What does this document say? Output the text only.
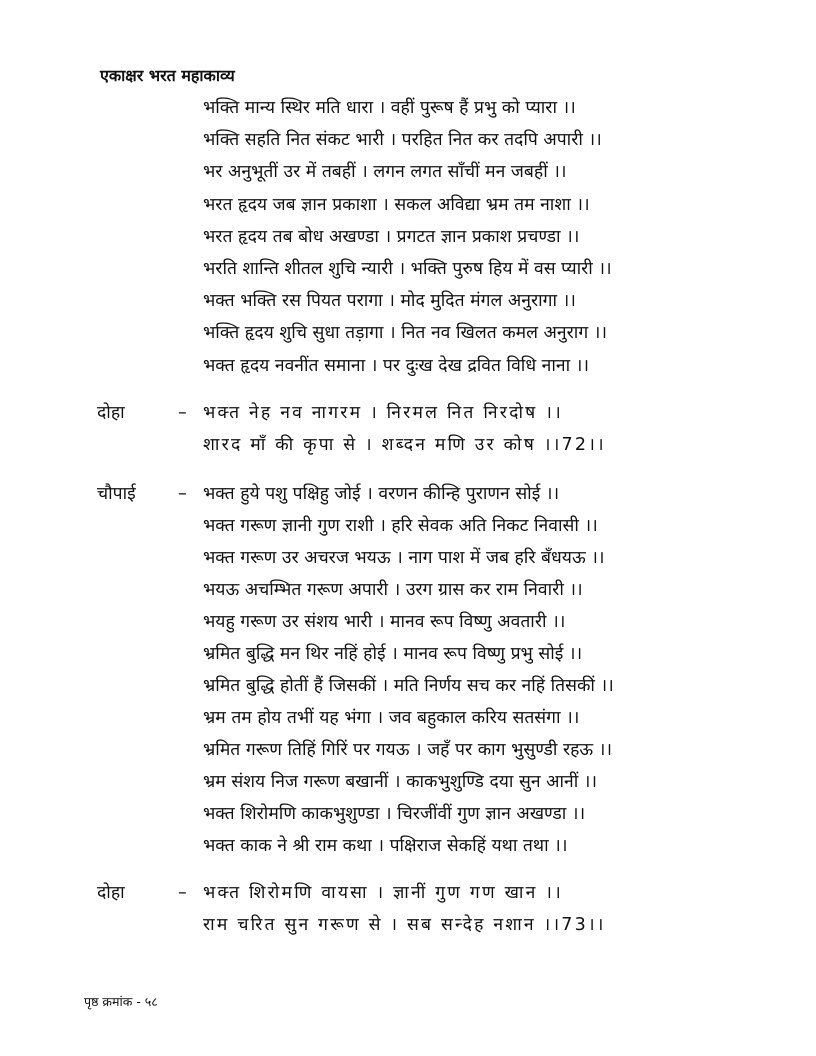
एकाक्षर भरत महाकाव्य
भक्ति मान्य स्थिर मति धारा । वहीं पुरूष हैं प्रभु को प्यारा ।।
भक्ति सहति नित संकट भारी । परहित नित कर तदपि अपारी ।।
भर अनुभूतीं उर में तबहीं । लगन लगत साँचीं मन जबहीं ।।
भरत हृदय जब ज्ञान प्रकाशा । सकल अविद्या भ्रम तम नाशा ।।
भरत हृदय तब बोध अखण्डा । प्रगटत ज्ञान प्रकाश प्रचण्डा ।।
भरति शान्ति शीतल शुचि न्यारी । भक्ति पुरुष हिय में वस प्यारी ।।
भक्त भक्ति रस पियत परागा । मोद मुदित मंगल अनुरागा ।।
भक्ति हृदय शुचि सुधा तड़ागा । नित नव खिलत कमल अनुराग ।।
भक्त हृदय नवनींत समाना । पर दुःख देख द्रवित विधि नाना ।।
दोहा	– भक्त नेह नव नागरम । निरमल नित निरदोष ।।
शारद माँ की कृपा से । शब्दन मणि उर कोष ।।72।।
चौपाई – भक्त हुये पशु पक्षिहु जोई । वरणन कीन्हि पुराणन सोई ।।
भक्त गरूण ज्ञानी गुण राशी । हरि सेवक अति निकट निवासी ।।
भक्त गरूण उर अचरज भयऊ । नाग पाश में जब हरि बँधयऊ ।।
भयऊ अचम्भित गरूण अपारी । उरग ग्रास कर राम निवारी ।।
भयहु गरूण उर संशय भारी । मानव रूप विष्णु अवतारी ।।
भ्रमित बुद्धि मन थिर नहिं होई । मानव रूप विष्णु प्रभु सोई ।।
भ्रमित बुद्धि होतीं हैं जिसकीं । मति निर्णय सच कर नहिं तिसकीं ।।
भ्रम तम होय तभीं यह भंगा । जव बहुकाल करिय सतसंगा ।।
भ्रमित गरूण तिहिं गिरिं पर गयऊ । जहँ पर काग भुसुण्डी रहऊ ।।
भ्रम संशय निज गरूण बखानीं । काकभुशुण्डि दया सुन आनीं ।।
भक्त शिरोमणि काकभुशुण्डा । चिरजींवीं गुण ज्ञान अखण्डा ।।
भक्त काक ने श्री राम कथा । पक्षिराज सेकहिं यथा तथा ।।
दोहा	– भक्त शिरोमणि वायसा । ज्ञानीं गुण गण खान ।।
राम चरित सुन गरूण से । सब सन्देह नशान ।।73।।
पृष्ठ क्रमांक - ५८
